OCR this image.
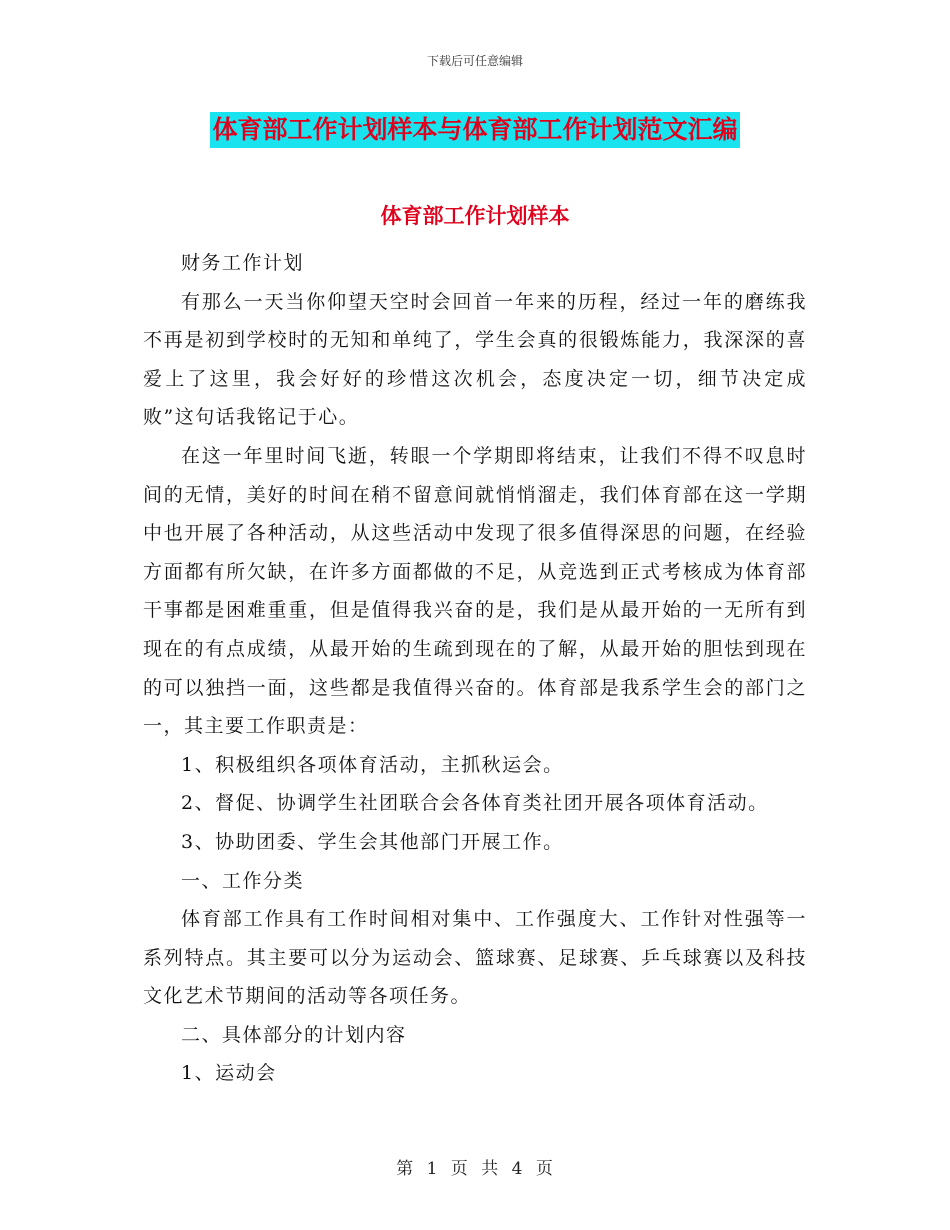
下载后可任意编辑
体育部工作计划样本与体育部工作计划范文汇编
体育部工作计划样本

财务工作计划

有那么一天当你仰望天空时会回首一年来的历程，经过一年的磨练我不再是初到学校时的无知和单纯了，学生会真的很锻炼能力，我深深的喜爱上了这里，我会好好的珍惜这次机会，态度决定一切，细节决定成败”这句话我铭记于心。

在这一年里时间飞逝，转眼一个学期即将结束，让我们不得不叹息时间的无情，美好的时间在稍不留意间就悄悄溜走，我们体育部在这一学期中也开展了各种活动，从这些活动中发现了很多值得深思的问题，在经验方面都有所欠缺，在许多方面都做的不足，从竞选到正式考核成为体育部干事都是困难重重，但是值得我兴奋的是，我们是从最开始的一无所有到现在的有点成绩，从最开始的生疏到现在的了解，从最开始的胆怯到现在的可以独挡一面，这些都是我值得兴奋的。体育部是我系学生会的部门之一，其主要工作职责是：

1、积极组织各项体育活动，主抓秋运会。

2、督促、协调学生社团联合会各体育类社团开展各项体育活动。

3、协助团委、学生会其他部门开展工作。

一、工作分类

体育部工作具有工作时间相对集中、工作强度大、工作针对性强等一系列特点。其主要可以分为运动会、篮球赛、足球赛、乒乓球赛以及科技文化艺术节期间的活动等各项任务。

二、具体部分的计划内容

1、运动会

第 1 页 共 4 页
